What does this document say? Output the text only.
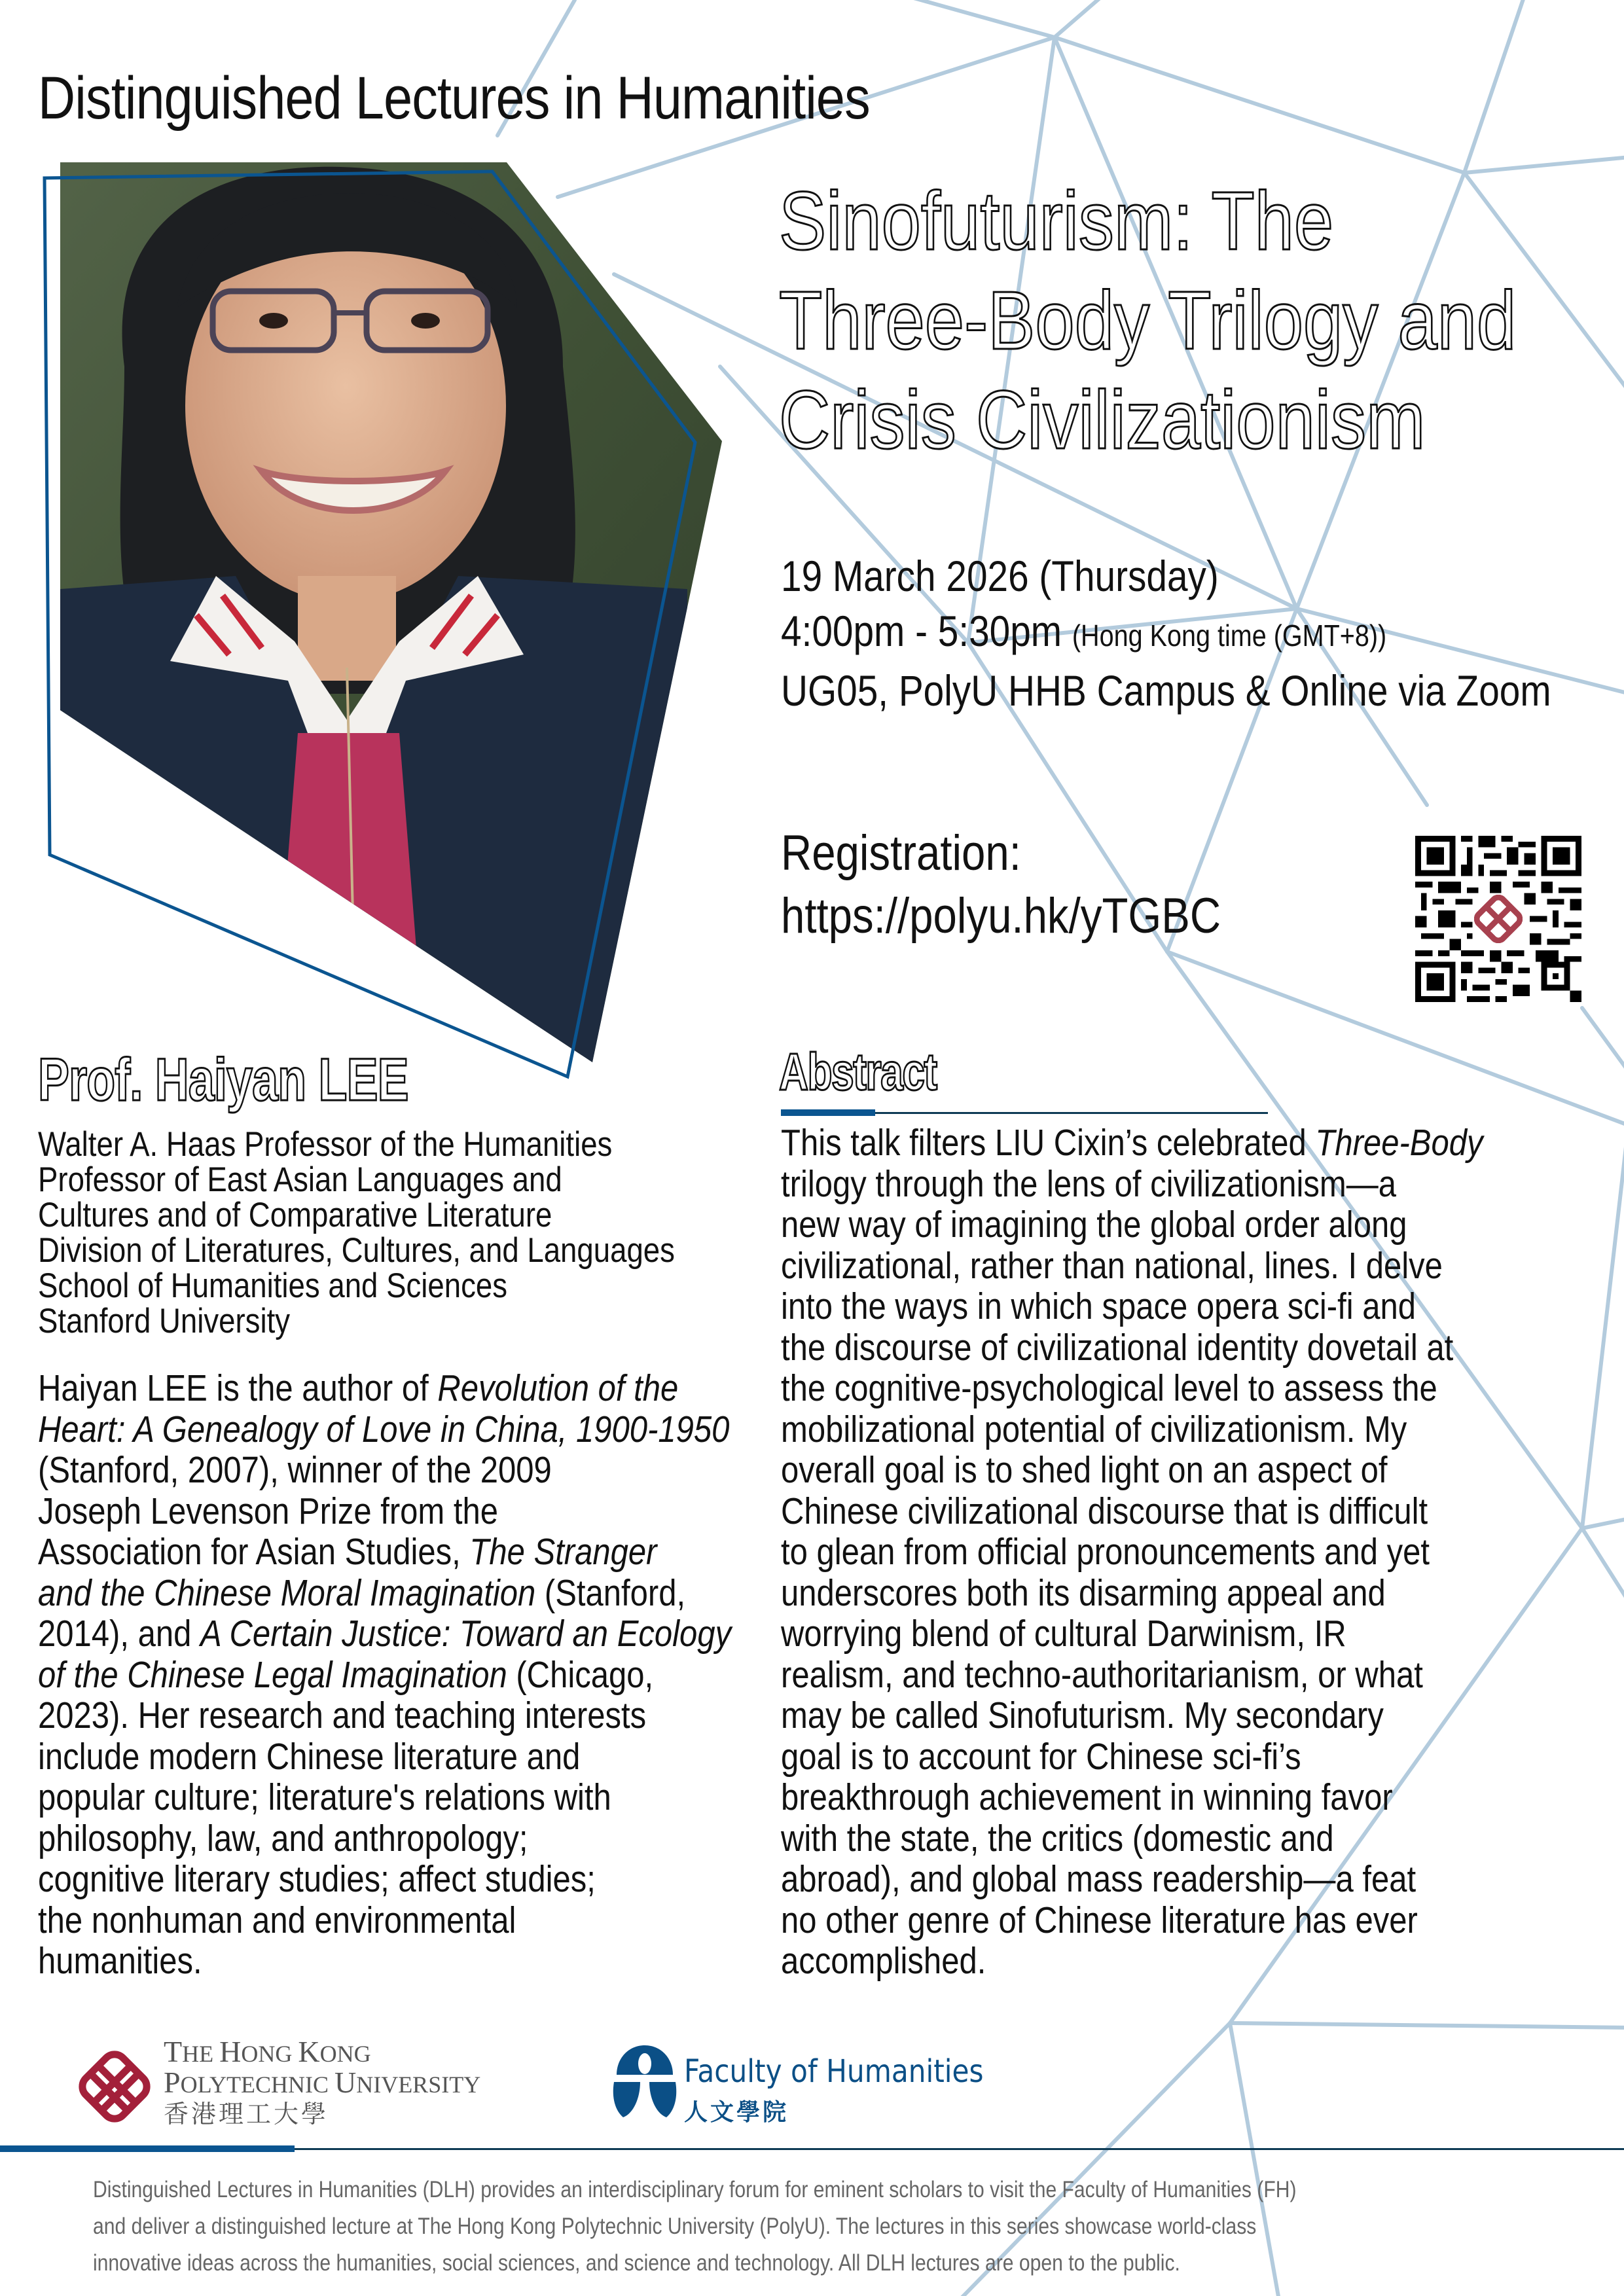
Distinguished Lectures in Humanities
Sinofuturism: The
Three-Body Trilogy and
Crisis Civilizationism
19 March 2026 (Thursday)
4:00pm - 5:30pm (Hong Kong time (GMT+8))
UG05, PolyU HHB Campus & Online via Zoom
Registration:
https://polyu.hk/yTGBC
Prof. Haiyan LEE
Walter A. Haas Professor of the Humanities
Professor of East Asian Languages and
Cultures and of Comparative Literature
Division of Literatures, Cultures, and Languages
School of Humanities and Sciences
Stanford University
Haiyan LEE is the author of Revolution of the
Heart: A Genealogy of Love in China, 1900-1950
(Stanford, 2007), winner of the 2009
Joseph Levenson Prize from the
Association for Asian Studies, The Stranger
and the Chinese Moral Imagination (Stanford,
2014), and A Certain Justice: Toward an Ecology
of the Chinese Legal Imagination (Chicago,
2023). Her research and teaching interests
include modern Chinese literature and
popular culture; literature's relations with
philosophy, law, and anthropology;
cognitive literary studies; affect studies;
the nonhuman and environmental
humanities.
Abstract
This talk filters LIU Cixin’s celebrated Three-Body
trilogy through the lens of civilizationism—a
new way of imagining the global order along
civilizational, rather than national, lines. I delve
into the ways in which space opera sci-fi and
the discourse of civilizational identity dovetail at
the cognitive-psychological level to assess the
mobilizational potential of civilizationism. My
overall goal is to shed light on an aspect of
Chinese civilizational discourse that is difficult
to glean from official pronouncements and yet
underscores both its disarming appeal and
worrying blend of cultural Darwinism, IR
realism, and techno-authoritarianism, or what
may be called Sinofuturism. My secondary
goal is to account for Chinese sci-fi’s
breakthrough achievement in winning favor
with the state, the critics (domestic and
abroad), and global mass readership—a feat
no other genre of Chinese literature has ever
accomplished.
THE HONG KONG
POLYTECHNIC UNIVERSITY
香港理工大學
Faculty of Humanities
人文學院
Distinguished Lectures in Humanities (DLH) provides an interdisciplinary forum for eminent scholars to visit the Faculty of Humanities (FH)
and deliver a distinguished lecture at The Hong Kong Polytechnic University (PolyU). The lectures in this series showcase world-class
innovative ideas across the humanities, social sciences, and science and technology. All DLH lectures are open to the public.
